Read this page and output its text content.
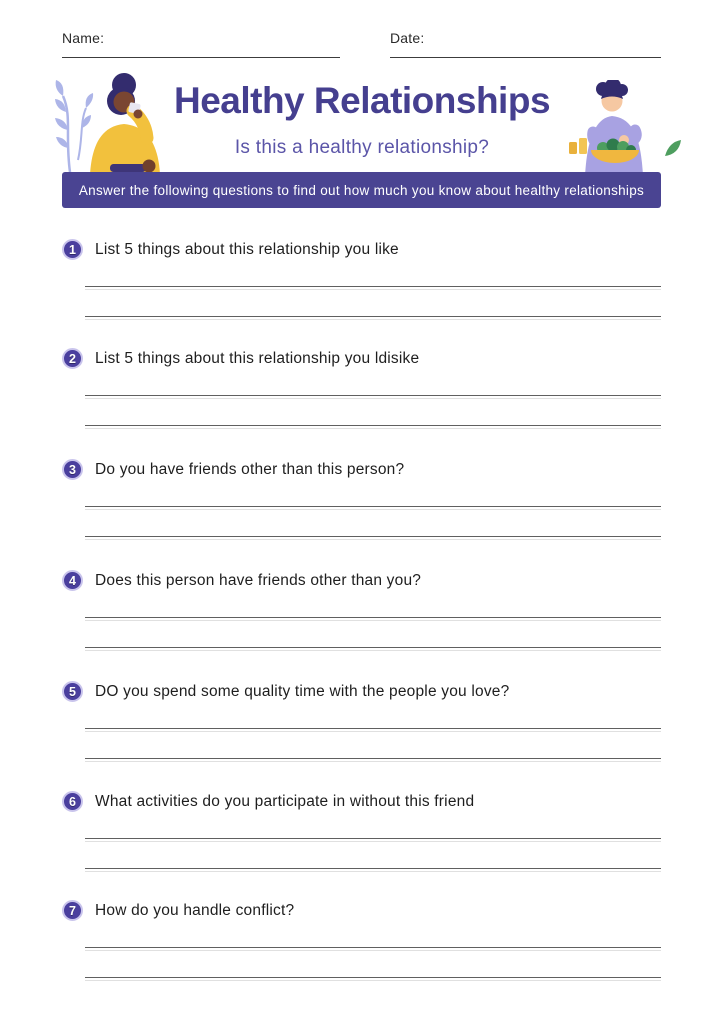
Name:	Date:
Healthy Relationships
Is this a healthy relationship?
Answer the following questions to find out how much you know about healthy relationships
1	List 5 things about this relationship you like
2	List 5 things about this relationship you ldisike
3	Do you have friends other than this person?
4	Does this person have friends other than you?
5	DO you spend some quality time with the people you love?
6	What activities do you participate in without this friend
7	How do you handle conflict?
